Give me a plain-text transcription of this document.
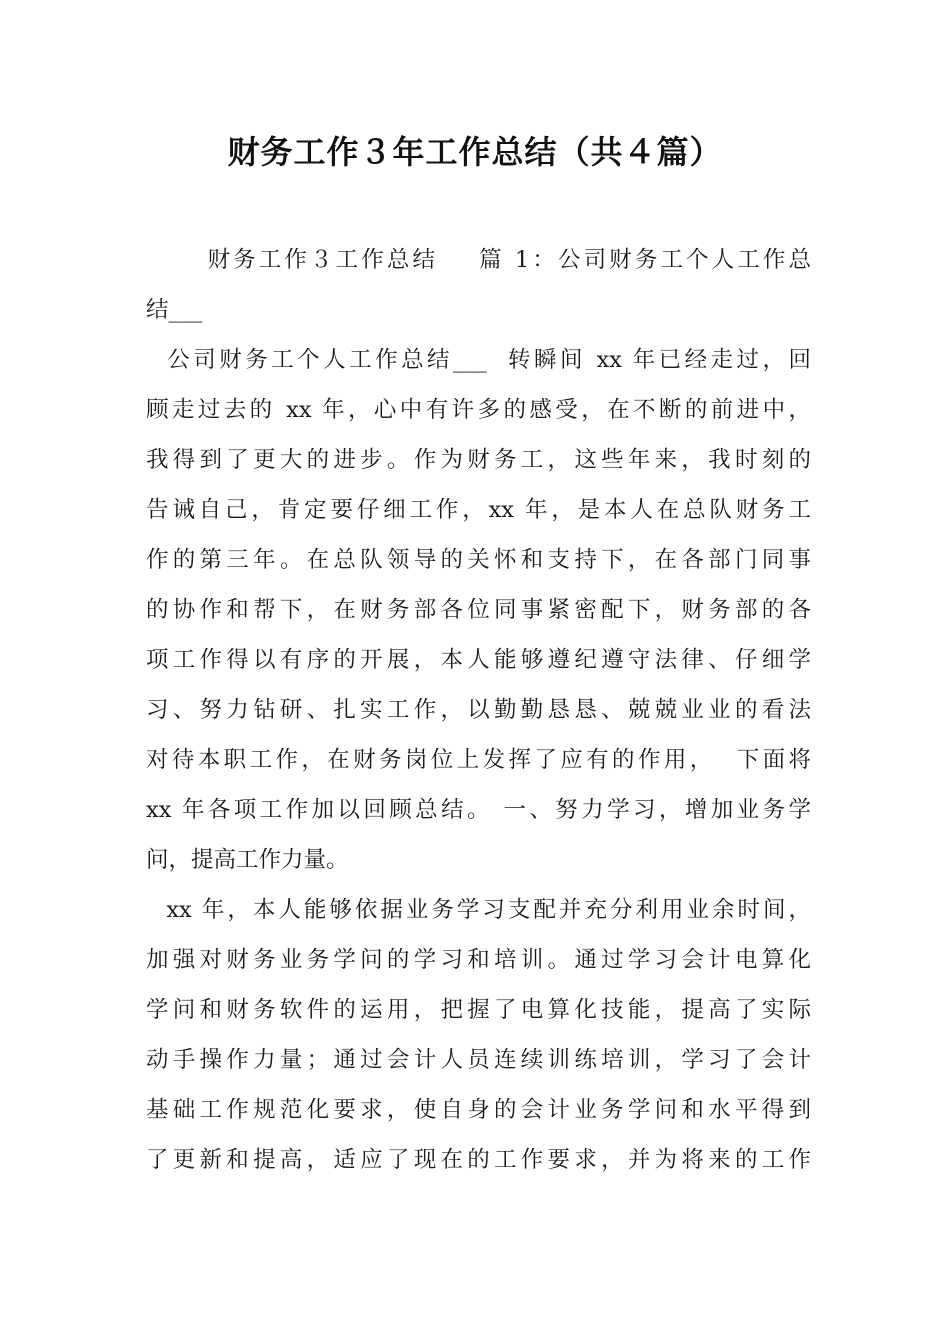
财务工作３年工作总结（共４篇）
财务工作３工作总结    篇 1：公司财务工个人工作总
结___
公司财务工个人工作总结___  转瞬间 xx 年已经走过，回
顾走过去的 xx 年，心中有许多的感受，在不断的前进中，
我得到了更大的进步。作为财务工，这些年来，我时刻的
告诫自己，肯定要仔细工作，xx 年，是本人在总队财务工
作的第三年。在总队领导的关怀和支持下，在各部门同事
的协作和帮下，在财务部各位同事紧密配下，财务部的各
项工作得以有序的开展，本人能够遵纪遵守法律、仔细学
习、努力钻研、扎实工作，以勤勤恳恳、兢兢业业的看法
对待本职工作，在财务岗位上发挥了应有的作用，  下面将
xx 年各项工作加以回顾总结。 一、努力学习，增加业务学
问，提高工作力量。
xx 年，本人能够依据业务学习支配并充分利用业余时间，
加强对财务业务学问的学习和培训。通过学习会计电算化
学问和财务软件的运用，把握了电算化技能，提高了实际
动手操作力量；通过会计人员连续训练培训，学习了会计
基础工作规范化要求，使自身的会计业务学问和水平得到
了更新和提高，适应了现在的工作要求，并为将来的工作
